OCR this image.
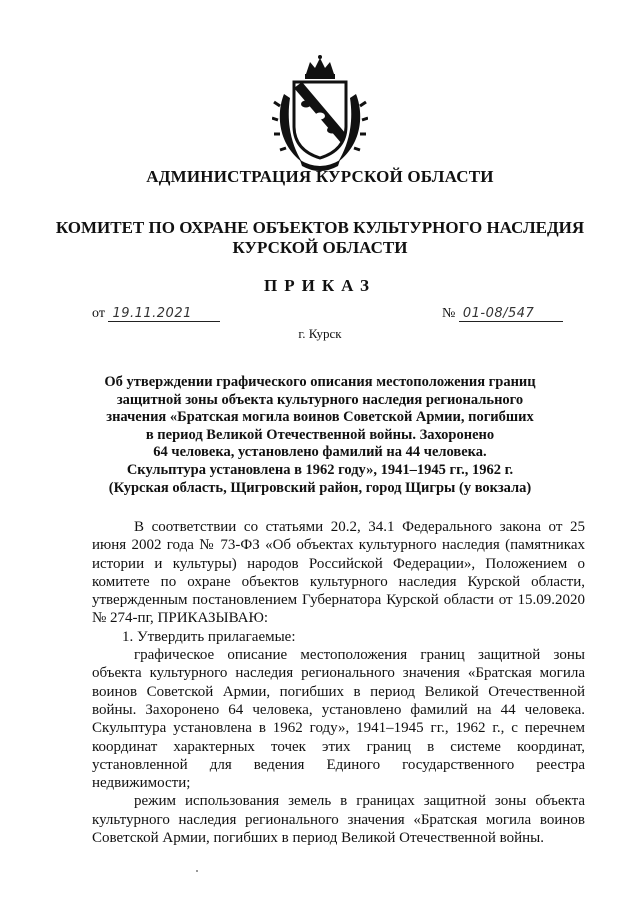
АДМИНИСТРАЦИЯ КУРСКОЙ ОБЛАСТИ
КОМИТЕТ ПО ОХРАНЕ ОБЪЕКТОВ КУЛЬТУРНОГО НАСЛЕДИЯ
КУРСКОЙ ОБЛАСТИ
ПРИКАЗ
от 19.11.2021	№ 01-08/547
г. Курск
Об утверждении графического описания местоположения границ
защитной зоны объекта культурного наследия регионального
значения «Братская могила воинов Советской Армии, погибших
в период Великой Отечественной войны. Захоронено
64 человека, установлено фамилий на 44 человека.
Скульптура установлена в 1962 году», 1941–1945 гг., 1962 г.
(Курская область, Щигровский район, город Щигры (у вокзала)

В соответствии со статьями 20.2, 34.1 Федерального закона от 25 июня 2002 года № 73-ФЗ «Об объектах культурного наследия (памятниках истории и культуры) народов Российской Федерации», Положением о комитете по охране объектов культурного наследия Курской области, утвержденным постановлением Губернатора Курской области от 15.09.2020 № 274-пг, ПРИКАЗЫВАЮ:

1. Утвердить прилагаемые:

графическое описание местоположения границ защитной зоны объекта культурного наследия регионального значения «Братская могила воинов Советской Армии, погибших в период Великой Отечественной войны. Захоронено 64 человека, установлено фамилий на 44 человека. Скульптура установлена в 1962 году», 1941–1945 гг., 1962 г., с перечнем координат характерных точек этих границ в системе координат, установленной для ведения Единого государственного реестра недвижимости;

режим использования земель в границах защитной зоны объекта культурного наследия регионального значения «Братская могила воинов Советской Армии, погибших в период Великой Отечественной войны.
